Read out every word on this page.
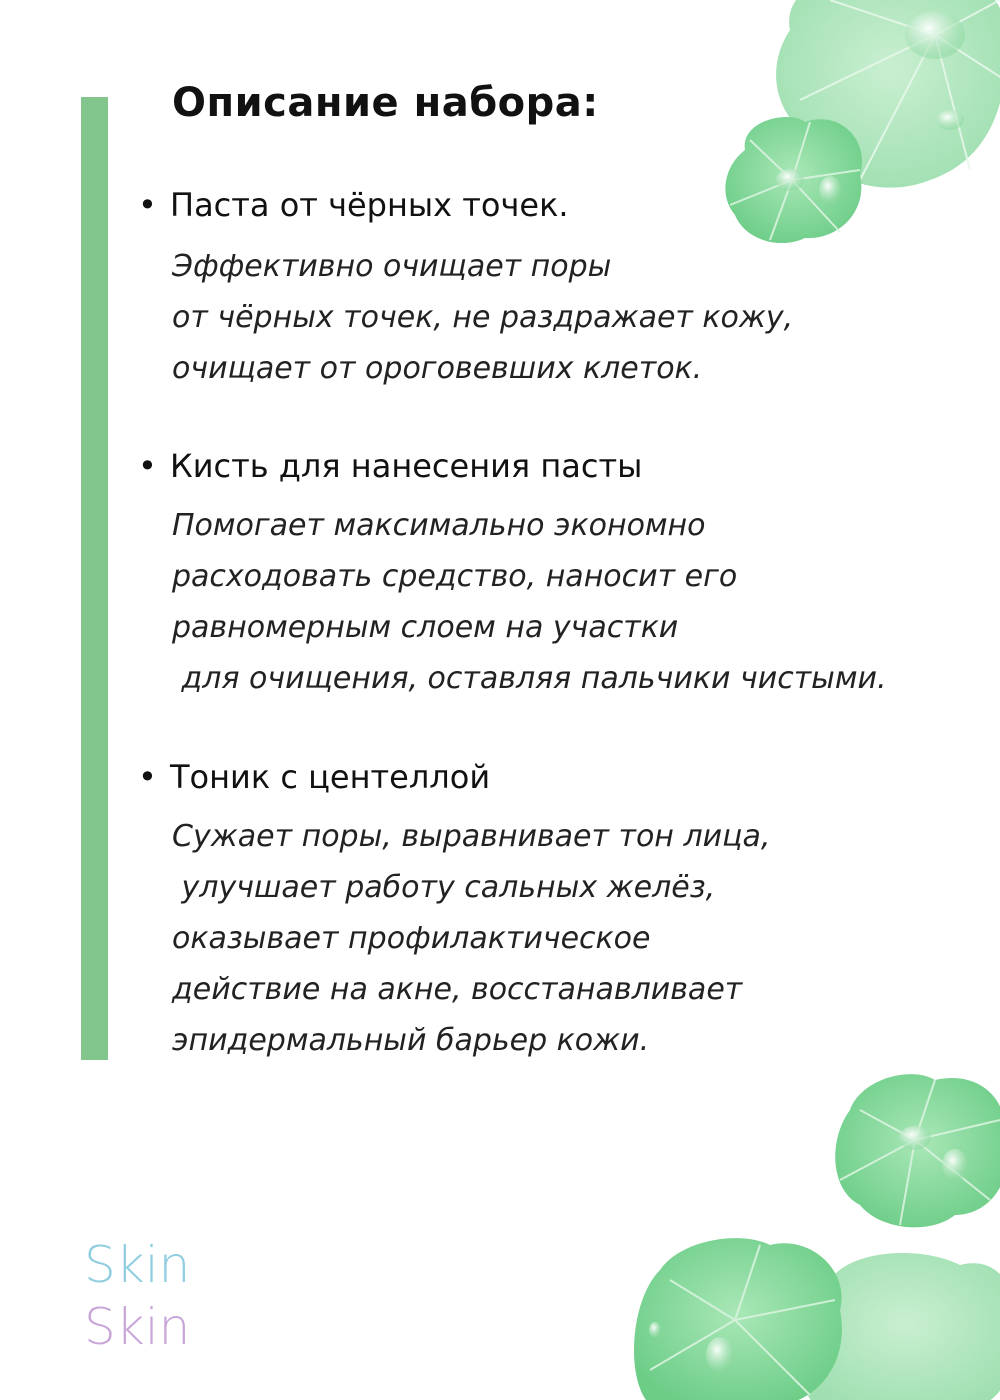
Описание набора:
• Паста от чёрных точек.
Эффективно очищает поры
от чёрных точек, не раздражает кожу,
очищает от ороговевших клеток.
• Кисть для нанесения пасты
Помогает максимально экономно
расходовать средство, наносит его
равномерным слоем на участки
для очищения, оставляя пальчики чистыми.
• Тоник с центеллой
Сужает поры, выравнивает тон лица,
улучшает работу сальных желёз,
оказывает профилактическое
действие на акне, восстанавливает
эпидермальный барьер кожи.
Skin
Skin
